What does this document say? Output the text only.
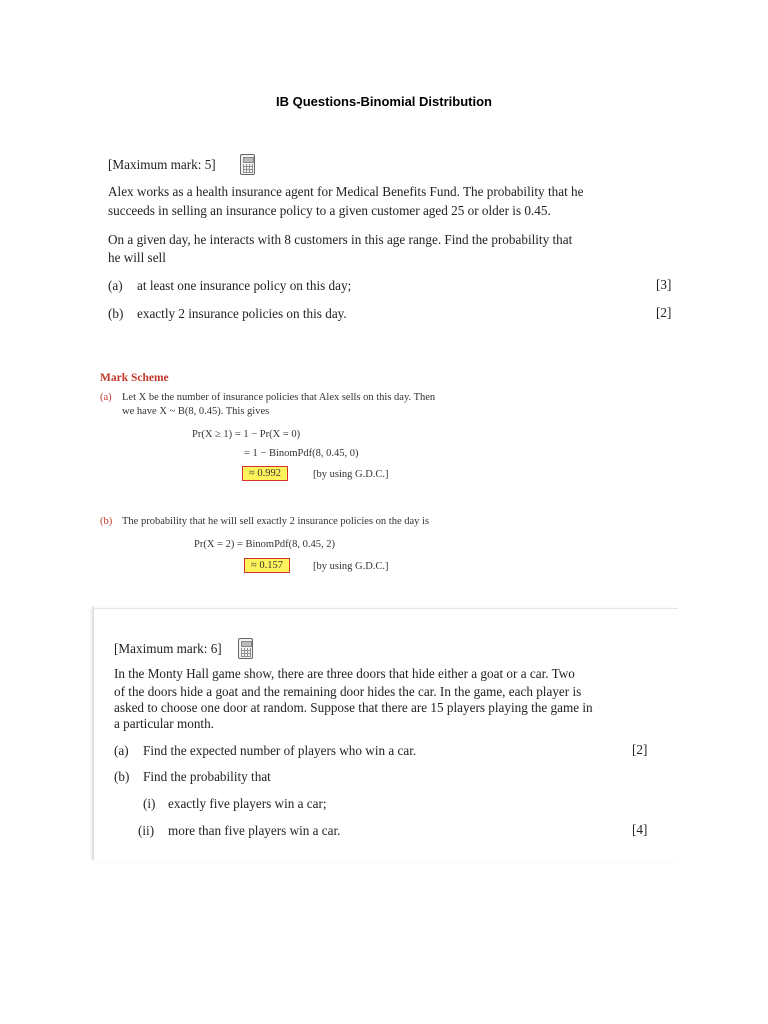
IB Questions-Binomial Distribution
[Maximum mark: 5]
Alex works as a health insurance agent for Medical Benefits Fund. The probability that he
succeeds in selling an insurance policy to a given customer aged 25 or older is 0.45.
On a given day, he interacts with 8 customers in this age range. Find the probability that
he will sell
(a) at least one insurance policy on this day;	[3]
(b) exactly 2 insurance policies on this day.	[2]
Mark Scheme
(a) Let X be the number of insurance policies that Alex sells on this day. Then
we have X ~ B(8, 0.45). This gives
Pr(X ≥ 1) = 1 − Pr(X = 0)
= 1 − BinomPdf(8, 0.45, 0)
≈ 0.992	[by using G.D.C.]
(b) The probability that he will sell exactly 2 insurance policies on the day is
Pr(X = 2) = BinomPdf(8, 0.45, 2)
≈ 0.157	[by using G.D.C.]
[Maximum mark: 6]
In the Monty Hall game show, there are three doors that hide either a goat or a car. Two
of the doors hide a goat and the remaining door hides the car. In the game, each player is
asked to choose one door at random. Suppose that there are 15 players playing the game in
a particular month.
(a) Find the expected number of players who win a car.	[2]
(b) Find the probability that
(i) exactly five players win a car;
(ii) more than five players win a car.	[4]
